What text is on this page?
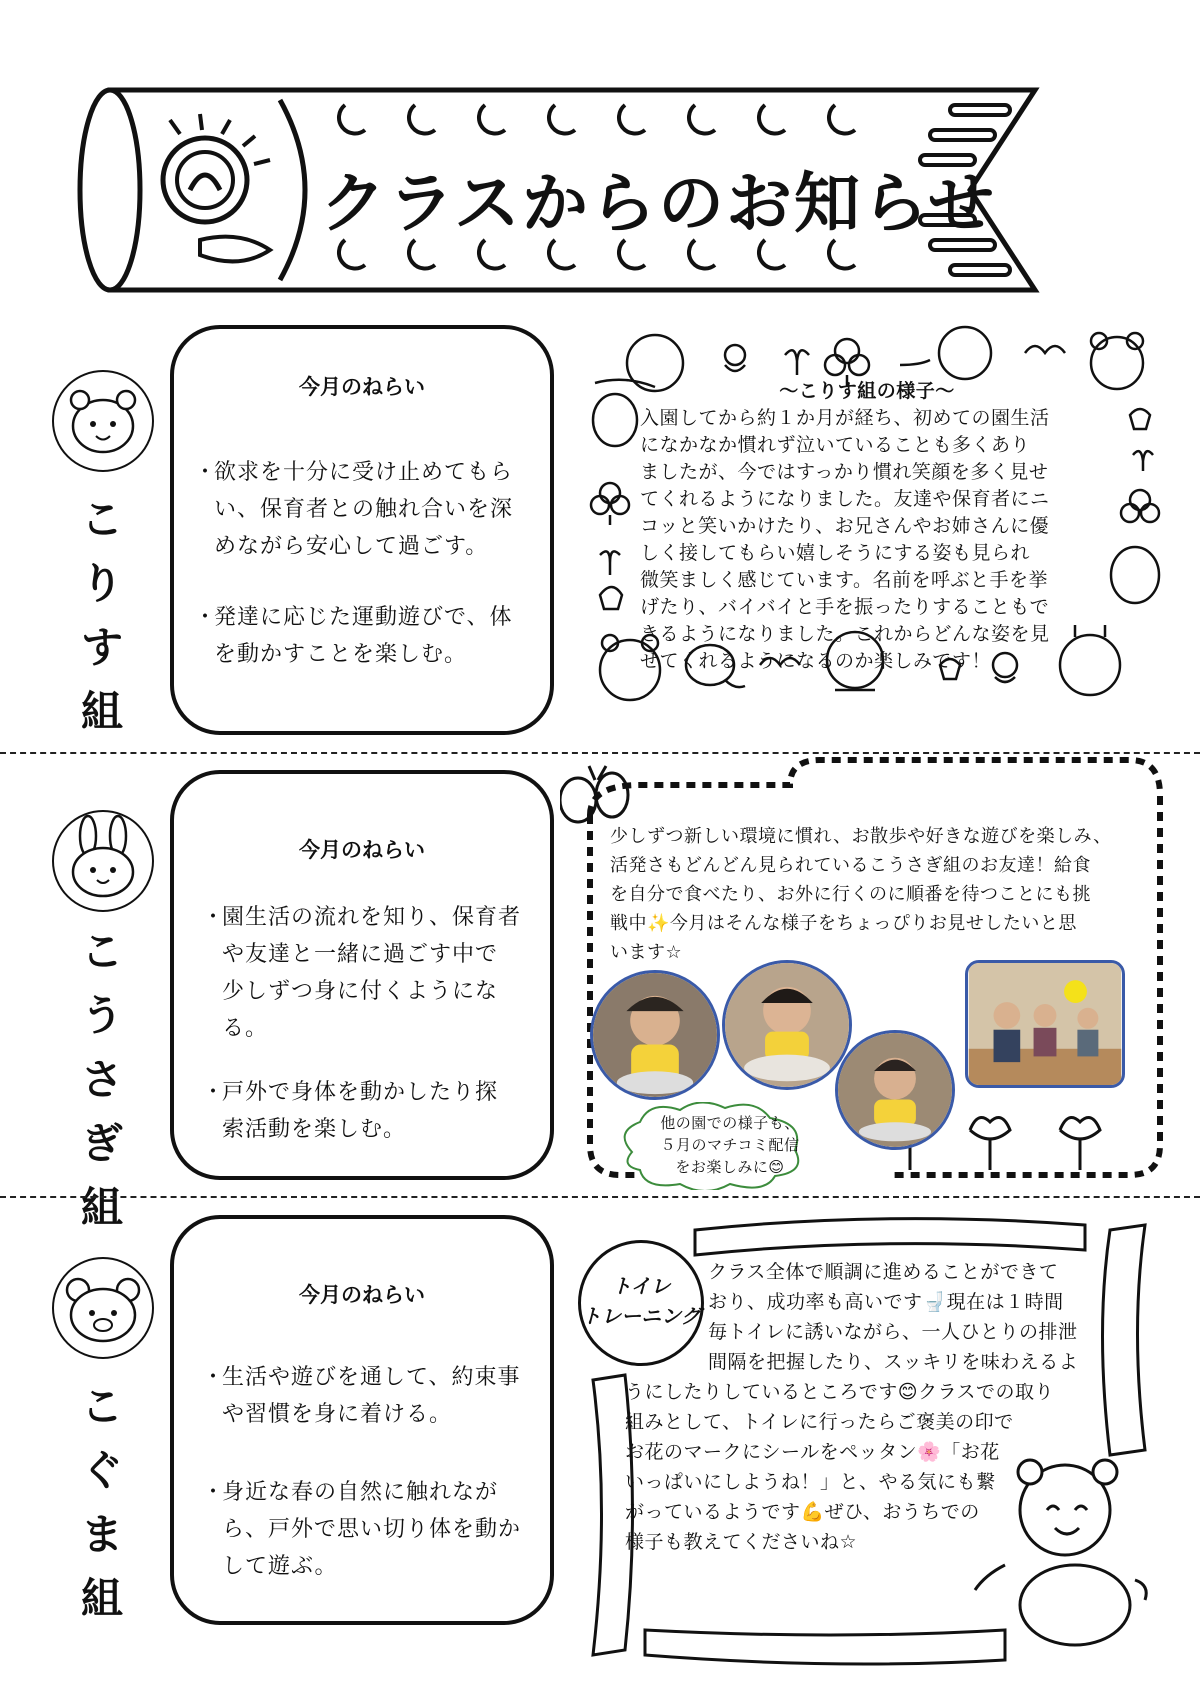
クラスからのお知らせ
こ
り
す
組
今月のねらい
・
欲求を十分に受け止めてもら
い、保育者との触れ合いを深
めながら安心して過ごす。
・
発達に応じた運動遊びで、体
を動かすことを楽しむ。
～こりす組の様子～
入園してから約１か月が経ち、初めての園生活
になかなか慣れず泣いていることも多くあり
ましたが、今ではすっかり慣れ笑顔を多く見せ
てくれるようになりました。友達や保育者にニ
コッと笑いかけたり、お兄さんやお姉さんに優
しく接してもらい嬉しそうにする姿も見られ
微笑ましく感じています。名前を呼ぶと手を挙
げたり、バイバイと手を振ったりすることもで
きるようになりました。これからどんな姿を見
せてくれるようになるのか楽しみです！
こ
う
さ
ぎ
組
今月のねらい
・
園生活の流れを知り、保育者
や友達と一緒に過ごす中で
少しずつ身に付くようにな
る。
・
戸外で身体を動かしたり探
索活動を楽しむ。
少しずつ新しい環境に慣れ、お散歩や好きな遊びを楽しみ、
活発さもどんどん見られているこうさぎ組のお友達！給食
を自分で食べたり、お外に行くのに順番を待つことにも挑
戦中✨今月はそんな様子をちょっぴりお見せしたいと思
います☆
他の園での様子も、
５月のマチコミ配信
をお楽しみに😊
こ
ぐ
ま
組
今月のねらい
・
生活や遊びを通して、約束事
や習慣を身に着ける。
・
身近な春の自然に触れなが
ら、戸外で思い切り体を動か
して遊ぶ。
トイレ
トレーニング
クラス全体で順調に進めることができて
おり、成功率も高いです🚽現在は１時間
毎トイレに誘いながら、一人ひとりの排泄
間隔を把握したり、スッキリを味わえるよ
うにしたりしているところです😊クラスでの取り
組みとして、トイレに行ったらご褒美の印で
お花のマークにシールをペッタン🌸「お花
いっぱいにしようね！」と、やる気にも繋
がっているようです💪ぜひ、おうちでの
様子も教えてくださいね☆
